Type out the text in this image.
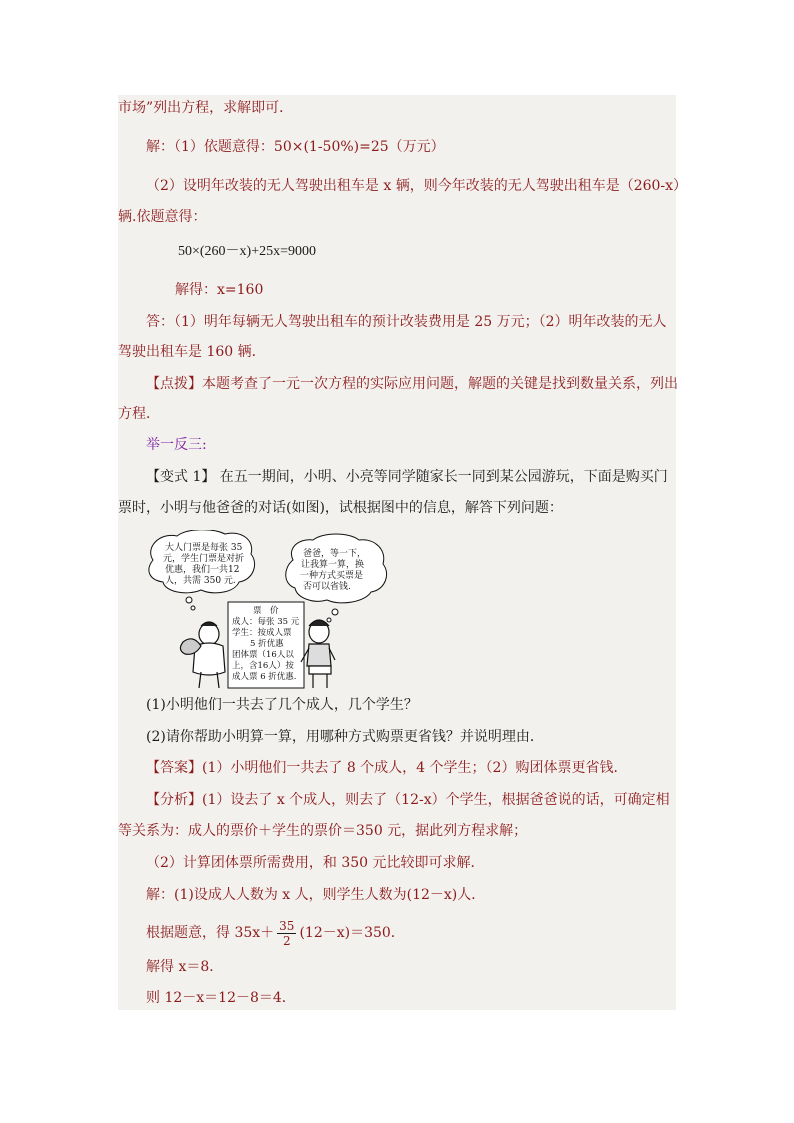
市场”列出方程，求解即可．
解：（1）依题意得：50×(1-50%)=25（万元）
（2）设明年改装的无人驾驶出租车是 x 辆，则今年改装的无人驾驶出租车是（260-x）
辆.依题意得：
50×(260－x)+25x=9000
解得：x=160
答：（1）明年每辆无人驾驶出租车的预计改装费用是 25 万元；（2）明年改装的无人
驾驶出租车是 160 辆．
【点拨】本题考查了一元一次方程的实际应用问题，解题的关键是找到数量关系，列出
方程．
举一反三:
【变式 1】 在五一期间，小明、小亮等同学随家长一同到某公园游玩，下面是购买门
票时，小明与他爸爸的对话(如图)，试根据图中的信息，解答下列问题：
大人门票是每张 35
元，学生门票是对折
优惠，我们一共12
人，共需 350 元.
爸爸，等一下，
让我算一算，换
一种方式买票是
否可以省钱.
票　价
成人：每张 35 元
学生：按成人票
5 折优惠
团体票（16人以
上，含16人）按
成人票 6 折优惠.
(1)小明他们一共去了几个成人，几个学生？
(2)请你帮助小明算一算，用哪种方式购票更省钱？并说明理由．
【答案】(1）小明他们一共去了 8 个成人，4 个学生；（2）购团体票更省钱．
【分析】(1）设去了 x 个成人，则去了（12-x）个学生，根据爸爸说的话，可确定相
等关系为：成人的票价＋学生的票价＝350 元，据此列方程求解；
（2）计算团体票所需费用，和 350 元比较即可求解．
解：(1)设成人人数为 x 人，则学生人数为(12－x)人．
根据题意，得 $35x+ \frac{35}{2} (12-x)=350$．
解得 x＝8．
则 12－x＝12－8＝4．
